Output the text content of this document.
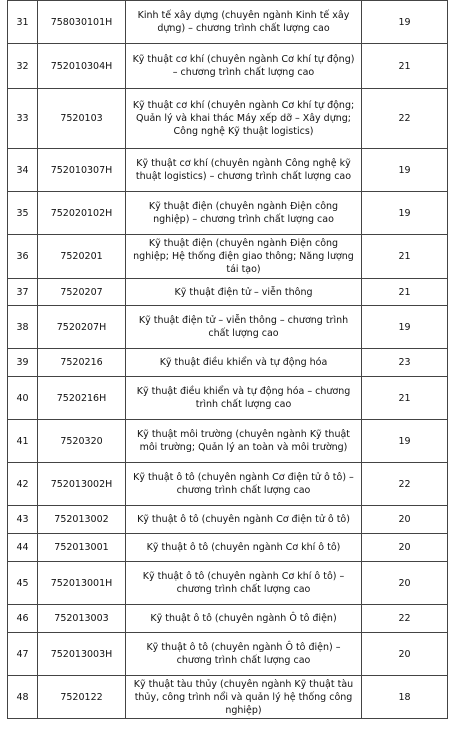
31	758030101H	Kinh tế xây dựng (chuyên ngành Kinh tế xây dựng) – chương trình chất lượng cao	19
32	752010304H	Kỹ thuật cơ khí (chuyên ngành Cơ khí tự động) – chương trình chất lượng cao	21
33	7520103	Kỹ thuật cơ khí (chuyên ngành Cơ khí tự động; Quản lý và khai thác Máy xếp dỡ – Xây dựng; Công nghệ Kỹ thuật logistics)	22
34	752010307H	Kỹ thuật cơ khí (chuyên ngành Công nghệ kỹ thuật logistics) – chương trình chất lượng cao	19
35	752020102H	Kỹ thuật điện (chuyên ngành Điện công nghiệp) – chương trình chất lượng cao	19
36	7520201	Kỹ thuật điện (chuyên ngành Điện công nghiệp; Hệ thống điện giao thông; Năng lượng tái tạo)	21
37	7520207	Kỹ thuật điện tử – viễn thông	21
38	7520207H	Kỹ thuật điện tử – viễn thông – chương trình chất lượng cao	19
39	7520216	Kỹ thuật điều khiển và tự động hóa	23
40	7520216H	Kỹ thuật điều khiển và tự động hóa – chương trình chất lượng cao	21
41	7520320	Kỹ thuật môi trường (chuyên ngành Kỹ thuật môi trường; Quản lý an toàn và môi trường)	19
42	752013002H	Kỹ thuật ô tô (chuyên ngành Cơ điện tử ô tô) – chương trình chất lượng cao	22
43	752013002	Kỹ thuật ô tô (chuyên ngành Cơ điện tử ô tô)	20
44	752013001	Kỹ thuật ô tô (chuyên ngành Cơ khí ô tô)	20
45	752013001H	Kỹ thuật ô tô (chuyên ngành Cơ khí ô tô) – chương trình chất lượng cao	20
46	752013003	Kỹ thuật ô tô (chuyên ngành Ô tô điện)	22
47	752013003H	Kỹ thuật ô tô (chuyên ngành Ô tô điện) – chương trình chất lượng cao	20
48	7520122	Kỹ thuật tàu thủy (chuyên ngành Kỹ thuật tàu thủy, công trình nổi và quản lý hệ thống công nghiệp)	18
